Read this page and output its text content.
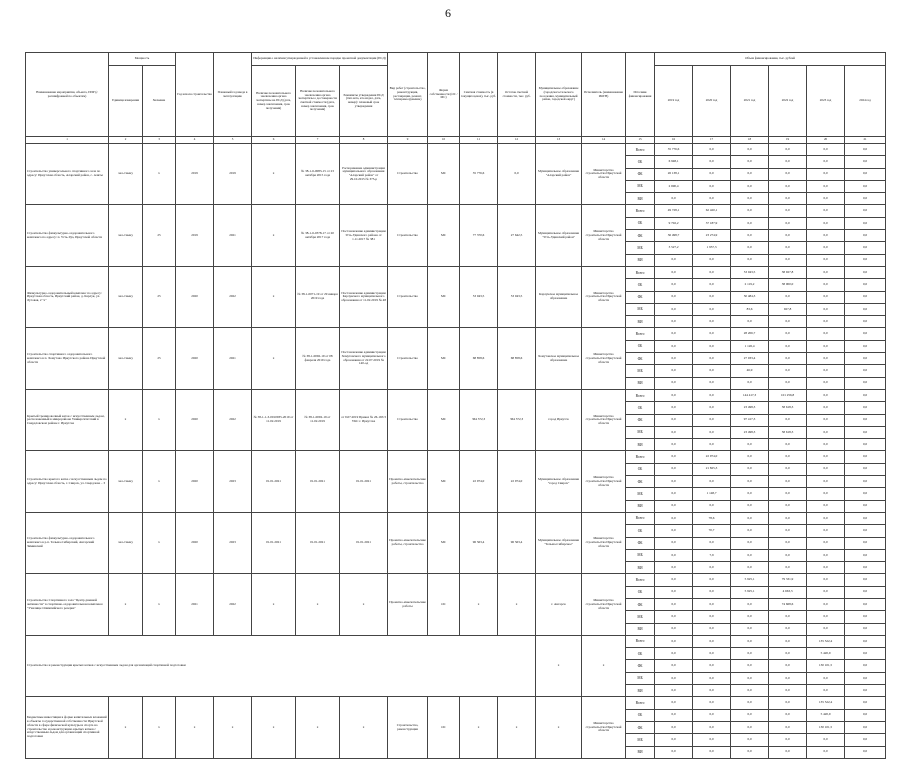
6
Наименование мероприятия, объекта, ППР (с расшифровкой по объектам)	Мощность		Год начала строительства	Плановый год ввода в эксплуатацию	Информация о наличии утвержденной в установленном порядке проектной документации (ПСД)			Вид работ (строительство, реконструкция, реставрация, ремонт, техперевооружение)	Форма собственности (ОС / МС)	Сметная стоимость (в текущих ценах), тыс. руб.	Остаток сметной стоимости, тыс. руб.	Муниципальное образование (городского/сельского поселения, муниципальный район, городской округ)	Исполнитель (наименование ИОГВ)	Источник финансирования	Объем финансирования, тыс. рублей					
	Единица измерения	Значение			Наличие положительного заключения органа экспертизы на ПСД (дата, номер заключения, срок получения)	Наличие положительного заключения органа экспертизы о достоверности сметной стоимости (дата, номер заключения, срок получения)	Реквизиты утверждения ПСД (тип акта, кто издал, дата, номер)/ плановый срок утверждения								2019 год	2020 год	2021 год	2022 год	2023 год	2024 год
1	2	3	4	5	6	7	8	9	10	11	12	13	14	15	16	17	18	19	20	21
Строительство универсального спортивного зала по адресу: Иркутская область, Аларский район, с. Аляты	чел./смену	х	2019	2019	х	№ 38-1-6-0083-15 от 23 октября 2015 года	Распоряжение администрации муниципального образования "Аларский район" от 29.10.2015 № 375-р	Строительство	МС	35 776,6	0,0	Муниципальное образование "Аларский район"	Министерство строительства Иркутской области	Всего	35 776,6	0,0	0,0	0,0	0,0	0,0
														ОБ	6 948,1	0,0	0,0	0,0	0,0	0,0
														ФБ	26 138,1	0,0	0,0	0,0	0,0	0,0
														МБ	2 690,4	0,0	0,0	0,0	0,0	0,0
														ВИ	0,0	0,0	0,0	0,0	0,0	0,0
Строительство физкультурно-оздоровительного комплекса по адресу: п. Усть-Уда, Иркутской области	чел./смену	25	2019	2021	х	№ 38-1-6-0378-17 от 20 октября 2017 года	Постановление администрации Усть-Удинского района от 1.11.2017 № 381	Строительство	МС	77 370,6	27 642,5	Муниципальное образование "Усть-Удинский район"	Министерство строительства Иркутской области	Всего	49 728,1	62 420,1	0,0	0,0	0,0	0,0
														ОБ	9 702,2	37 187,9	0,0	0,0	0,0	0,0
														ФБ	36 498,7	23 274,9	0,0	0,0	0,0	0,0
														МБ	3 527,2	1 957,3	0,0	0,0	0,0	0,0
														ВИ	0,0	0,0	0,0	0,0	0,0	0,0
Физкультурно-оздоровительный комплекс по адресу: Иркутская область, Иркутский район, д. Карлук, ул. Луговая, 2 "а"	чел./смену	25	2020	2022	х	№ 38-1-0071-19 от 29 января 2019 года	Постановление администрации Карлукского муниципального образования от 11.02.2019 № 48	Строительство	МС	53 043,5	53 043,5	Карлукское муниципальное образование	Министерство строительства Иркутской области	Всего	0,0	0,0	53 043,5	38 927,8	0,0	0,0
														ОБ	0,0	0,0	2 119,2	38 000,0	0,0	0,0
														ФБ	0,0	0,0	50 484,3	0,0	0,0	0,0
														МБ	0,0	0,0	83,6	927,8	0,0	0,0
														ВИ	0,0	0,0	0,0	0,0	0,0	0,0
Строительство спортивного оздоровительного комплекса в п. Хомутово Иркутского района Иркутской области	чел./смену	25	2020	2021	х	№ 38-1-0092-19 от 08 февраля 2019 года	Постановление администрации Хомутовского муниципального образования от 22.07.2019 № 140-од	Строительство	МС	68 858,6	68 858,6	Хомутовское муниципальное образование	Министерство строительства Иркутской области	Всего	0,0	0,0	28 206,7	0,0	0,0	0,0
														ОБ	0,0	0,0	1 126,4	0,0	0,0	0,0
														ФБ	0,0	0,0	27 033,4	0,0	0,0	0,0
														МБ	0,0	0,0	46,9	0,0	0,0	0,0
														ВИ	0,0	0,0	0,0	0,0	0,0	0,0
Крытый тренировочный каток с искусственным льдом, расположенный в микрорайоне Университетский в Свердловском районе г. Иркутска	х	х	2020	2022	№ 38-1-1-3-0010935-2019 от 11.02.2019	№ 38-1-0092-19 от 11.02.2019	от 9.07.2019 Приказ № 26-165/3 УКС г. Иркутска	Строительство	МС	364 372,3	364 372,3	город Иркутск	Министерство строительства Иркутской области	Всего	0,0	0,0	144 417,3	101 256,8	0,0	0,0
														ОБ	0,0	0,0	23 498,3	58 618,3	0,0	0,0
														ФБ	0,0	0,0	97 417,3	0,0	0,0	0,0
														МБ	0,0	0,0	23 498,3	58 618,3	0,0	0,0
														ВИ	0,0	0,0	0,0	0,0	0,0	0,0
Строительство крытого катка с искусственным льдом по адресу: Иркутская область, г. Свирск, ул. Свердлова – 3	чел./смену	х	2020	2023	01.01.2021	01.01.2021	01.01.2021	Проектно-изыскательские работы, строительство	МС	22 974,0	22 974,0	Муниципальное образование "город Свирск"	Министерство строительства Иркутской области	Всего	0,0	22 974,0	0,0	0,0	0,0	0,0
														ОБ	0,0	21 825,3	0,0	0,0	0,0	0,0
														ФБ	0,0	0,0	0,0	0,0	0,0	0,0
														МБ	0,0	1 148,7	0,0	0,0	0,0	0,0
														ВИ	0,0	0,0	0,0	0,0	0,0	0,0
Строительство физкультурно-оздоровительного комплекса в р.п. Тельма-Сибирский, Ангарский Зиминский	чел./смену	х	2020	2023	01.01.2021	01.01.2021	01.01.2021	Проектно-изыскательские работы, строительство	МС	96 563,4	96 563,4	Муниципальное образование "Тельма-Сибирское"	Министерство строительства Иркутской области	Всего	0,0	78,6	0,0	0,0	0,0	0,0
														ОБ	0,0	70,7	0,0	0,0	0,0	0,0
														ФБ	0,0	0,0	0,0	0,0	0,0	0,0
														МБ	0,0	7,9	0,0	0,0	0,0	0,0
														ВИ	0,0	0,0	0,0	0,0	0,0	0,0
Строительство Спортивного зала "Центр дневной активности" в спортивно-оздоровительном комплексе "Училище Олимпийского резерва"	х	х	2021	2022	х	х	х	Проектно-изыскательские работы	ОС	х	х	г. Ангарск	Министерство строительства Иркутской области	Всего	0,0	0,0	5 925,1	79 331,9	0,0	0,0
														ОБ	0,0	0,0	5 925,1	4 663,3	0,0	0,0
														ФБ	0,0	0,0	0,0	74 668,6	0,0	0,0
														МБ	0,0	0,0	0,0	0,0	0,0	0,0
														ВИ	0,0	0,0	0,0	0,0	0,0	0,0
Строительство и реконструкция крытых катков с искусственным льдом для организаций спортивной подготовки												х	х	Всего	0,0	0,0	0,0	0,0	135 522,4	0,0
														ОБ	0,0	0,0	0,0	0,0	5 420,9	0,0
														ФБ	0,0	0,0	0,0	0,0	130 101,5	0,0
														МБ	0,0	0,0	0,0	0,0	0,0	0,0
														ВИ	0,0	0,0	0,0	0,0	0,0	0,0
Бюджетные инвестиции в форме капитальных вложений в объекты государственной собственности Иркутской области в сфере физической культуры и спорта на строительство и реконструкцию крытых катков с искусственным льдом для организаций спортивной подготовки	х	х	х	х	х	х	х	Строительство, реконструкция	ОС	х	х	х	Министерство строительства Иркутской области	Всего	0,0	0,0	0,0	0,0	135 522,4	0,0
														ОБ	0,0	0,0	0,0	0,0	5 420,9	0,0
														ФБ	0,0	0,0	0,0	0,0	130 101,5	0,0
														МБ	0,0	0,0	0,0	0,0	0,0	0,0
														ВИ	0,0	0,0	0,0	0,0	0,0	0,0
